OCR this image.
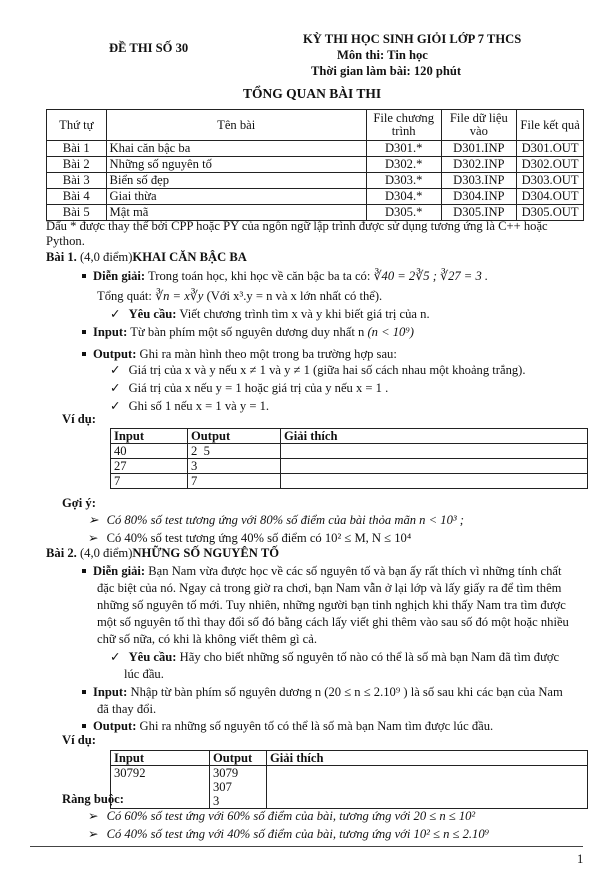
ĐỀ THI SỐ 30
KỲ THI HỌC SINH GIỎI LỚP 7 THCS
Môn thi: Tin học
Thời gian làm bài: 120 phút
TỔNG QUAN BÀI THI
Thứ tự	Tên bài	File chương trình	File dữ liệu vào	File kết quả
Bài 1	Khai căn bậc ba	D301.*	D301.INP	D301.OUT
Bài 2	Những số nguyên tố	D302.*	D302.INP	D302.OUT
Bài 3	Biển số đẹp	D303.*	D303.INP	D303.OUT
Bài 4	Giai thừa	D304.*	D304.INP	D304.OUT
Bài 5	Mật mã	D305.*	D305.INP	D305.OUT
Dấu * được thay thế bởi CPP hoặc PY của ngôn ngữ lập trình được sử dụng tương ứng là C++ hoặc Python.
Bài 1. (4,0 điểm)KHAI CĂN BẬC BA
Diễn giải: Trong toán học, khi học về căn bậc ba ta có: ∛40 = 2∛5 ; ∛27 = 3 .
Tổng quát: ∛n = x∛y (Với x³.y = n và x lớn nhất có thể).
✓ Yêu cầu: Viết chương trình tìm x và y khi biết giá trị của n.
Input: Từ bàn phím một số nguyên dương duy nhất n (n < 10⁹)
Output: Ghi ra màn hình theo một trong ba trường hợp sau:
✓ Giá trị của x và y nếu x ≠ 1 và y ≠ 1 (giữa hai số cách nhau một khoảng trắng).
✓ Giá trị của x nếu y = 1 hoặc giá trị của y nếu x = 1 .
✓ Ghi số 1 nếu x = 1 và y = 1.
Ví dụ:
Input	Output	Giải thích
40	2  5	
27	3	
7	7	
Gợi ý:
➢ Có 80% số test tương ứng với 80% số điểm của bài thỏa mãn n < 10³ ;
➢ Có 40% số test tương ứng 40% số điểm có 10² ≤ M, N ≤ 10⁴
Bài 2. (4,0 điểm)NHỮNG SỐ NGUYÊN TỐ
Diễn giải: Bạn Nam vừa được học về các số nguyên tố và bạn ấy rất thích vì những tính chất
đặc biệt của nó. Ngay cả trong giờ ra chơi, bạn Nam vẫn ở lại lớp và lấy giấy ra để tìm thêm
những số nguyên tố mới. Tuy nhiên, những người bạn tinh nghịch khi thấy Nam tra tìm được
một số nguyên tố thì thay đổi số đó bằng cách lấy viết ghi thêm vào sau số đó một hoặc nhiều
chữ số nữa, có khi là không viết thêm gì cả.
✓ Yêu cầu: Hãy cho biết những số nguyên tố nào có thể là số mà bạn Nam đã tìm được
lúc đầu.
Input: Nhập từ bàn phím số nguyên dương n (20 ≤ n ≤ 2.10⁹ ) là số sau khi các bạn của Nam
đã thay đổi.
Output: Ghi ra những số nguyên tố có thể là số mà bạn Nam tìm được lúc đầu.
Ví dụ:
Input	Output	Giải thích
30792	3079
307
3	

Ràng buộc:
➢ Có 60% số test ứng với 60% số điểm của bài, tương ứng với 20 ≤ n ≤ 10²
➢ Có 40% số test ứng với 40% số điểm của bài, tương ứng với 10² ≤ n ≤ 2.10⁹
1
